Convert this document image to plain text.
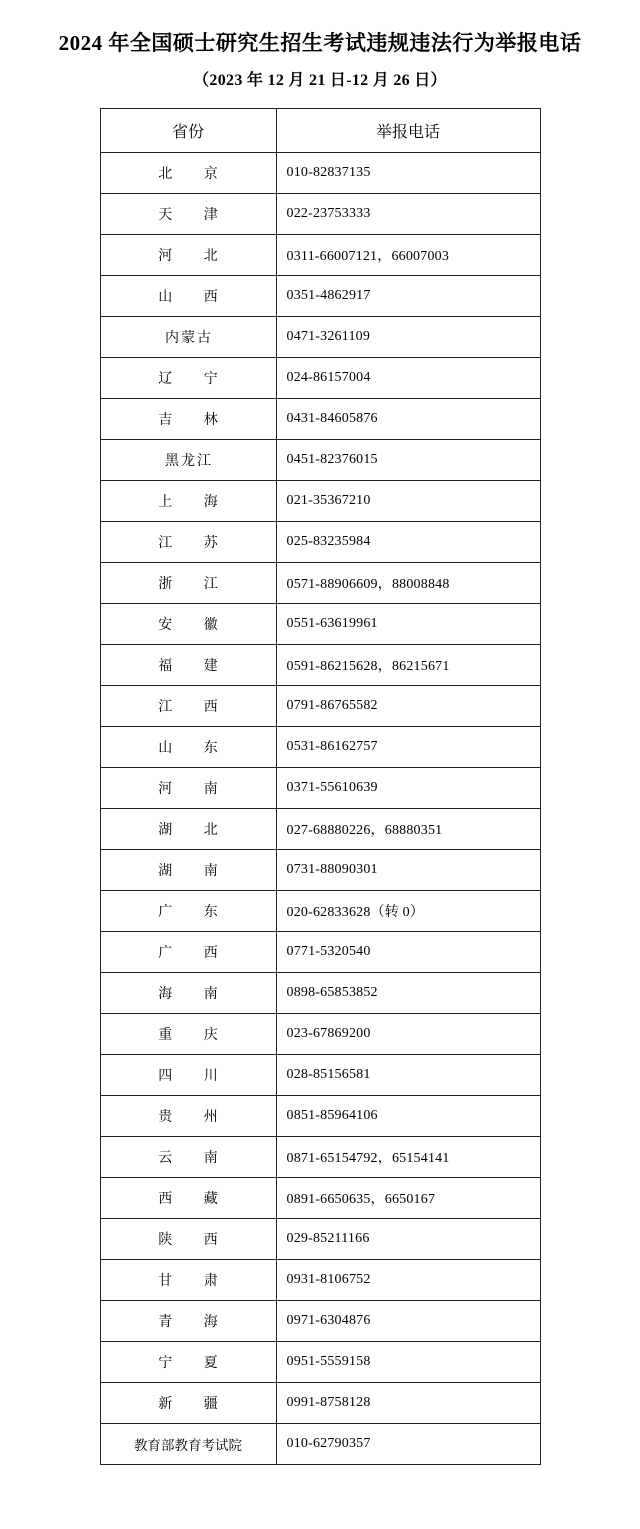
2024 年全国硕士研究生招生考试违规违法行为举报电话
（2023 年 12 月 21 日-12 月 26 日）
省份	举报电话
北 京	010-82837135
天 津	022-23753333
河 北	0311-66007121，66007003
山 西	0351-4862917
内蒙古	0471-3261109
辽 宁	024-86157004
吉 林	0431-84605876
黑龙江	0451-82376015
上 海	021-35367210
江 苏	025-83235984
浙 江	0571-88906609，88008848
安 徽	0551-63619961
福 建	0591-86215628，86215671
江 西	0791-86765582
山 东	0531-86162757
河 南	0371-55610639
湖 北	027-68880226，68880351
湖 南	0731-88090301
广 东	020-62833628（转 0）
广 西	0771-5320540
海 南	0898-65853852
重 庆	023-67869200
四 川	028-85156581
贵 州	0851-85964106
云 南	0871-65154792，65154141
西 藏	0891-6650635，6650167
陕 西	029-85211166
甘 肃	0931-8106752
青 海	0971-6304876
宁 夏	0951-5559158
新 疆	0991-8758128
教育部教育考试院	010-62790357
